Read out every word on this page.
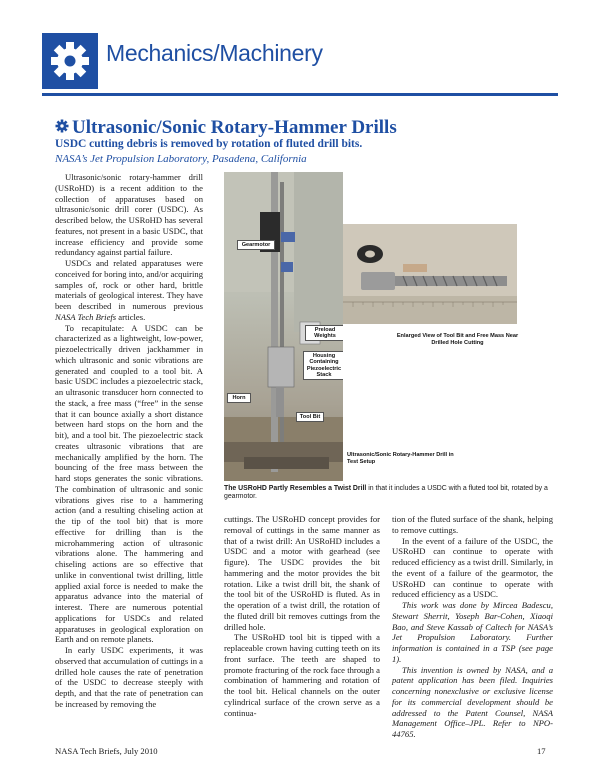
Mechanics/Machinery
Ultrasonic/Sonic Rotary-Hammer Drills
USDC cutting debris is removed by rotation of fluted drill bits.
NASA’s Jet Propulsion Laboratory, Pasadena, California

Ultrasonic/sonic rotary-hammer drill (USRoHD) is a recent addition to the collection of apparatuses based on ultrasonic/sonic drill corer (USDC). As described below, the USRoHD has several features, not present in a basic USDC, that increase efficiency and provide some redundancy against partial failure.

USDCs and related apparatuses were conceived for boring into, and/or acquiring samples of, rock or other hard, brittle materials of geological interest. They have been described in numerous previous NASA Tech Briefs articles.

To recapitulate: A USDC can be characterized as a lightweight, low-power, piezoelectrically driven jackhammer in which ultrasonic and sonic vibrations are generated and coupled to a tool bit. A basic USDC includes a piezoelectric stack, an ultrasonic transducer horn connected to the stack, a free mass (“free” in the sense that it can bounce axially a short distance between hard stops on the horn and the bit), and a tool bit. The piezoelectric stack creates ultrasonic vibrations that are mechanically amplified by the horn. The bouncing of the free mass between the hard stops generates the sonic vibrations. The combination of ultrasonic and sonic vibrations gives rise to a hammering action (and a resulting chiseling action at the tip of the tool bit) that is more effective for drilling than is the microhammering action of ultrasonic vibrations alone. The hammering and chiseling actions are so effective that unlike in conventional twist drilling, little applied axial force is needed to make the apparatus advance into the material of interest. There are numerous potential applications for USDCs and related apparatuses in geological exploration on Earth and on remote planets.

In early USDC experiments, it was observed that accumulation of cuttings in a drilled hole causes the rate of penetration of the USDC to decrease steeply with depth, and that the rate of penetration can be increased by removing the

Gearmotor
Preload Weights
Housing Containing Piezoelectric Stack
Horn
Tool Bit
Enlarged View of Tool Bit and Free Mass Near Drilled Hole Cutting
Ultrasonic/Sonic Rotary-Hammer Drill in Test Setup
The USRoHD Partly Resembles a Twist Drill in that it includes a USDC with a fluted tool bit, rotated by a gearmotor.

cuttings. The USRoHD concept provides for removal of cuttings in the same manner as that of a twist drill: An USRoHD includes a USDC and a motor with gearhead (see figure). The USDC provides the bit hammering and the motor provides the bit rotation. Like a twist drill bit, the shank of the tool bit of the USRoHD is fluted. As in the operation of a twist drill, the rotation of the fluted drill bit removes cuttings from the drilled hole.

The USRoHD tool bit is tipped with a replaceable crown having cutting teeth on its front surface. The teeth are shaped to promote fracturing of the rock face through a combination of hammering and rotation of the tool bit. Helical channels on the outer cylindrical surface of the crown serve as a continua-

tion of the fluted surface of the shank, helping to remove cuttings.

In the event of a failure of the USDC, the USRoHD can continue to operate with reduced efficiency as a twist drill. Similarly, in the event of a failure of the gearmotor, the USRoHD can continue to operate with reduced efficiency as a USDC.

This work was done by Mircea Badescu, Stewart Sherrit, Yoseph Bar-Cohen, Xiaoqi Bao, and Steve Kassab of Caltech for NASA’s Jet Propulsion Laboratory. Further information is contained in a TSP (see page 1).

This invention is owned by NASA, and a patent application has been filed. Inquiries concerning nonexclusive or exclusive license for its commercial development should be addressed to the Patent Counsel, NASA Management Office–JPL. Refer to NPO-44765.

NASA Tech Briefs, July 2010	17
